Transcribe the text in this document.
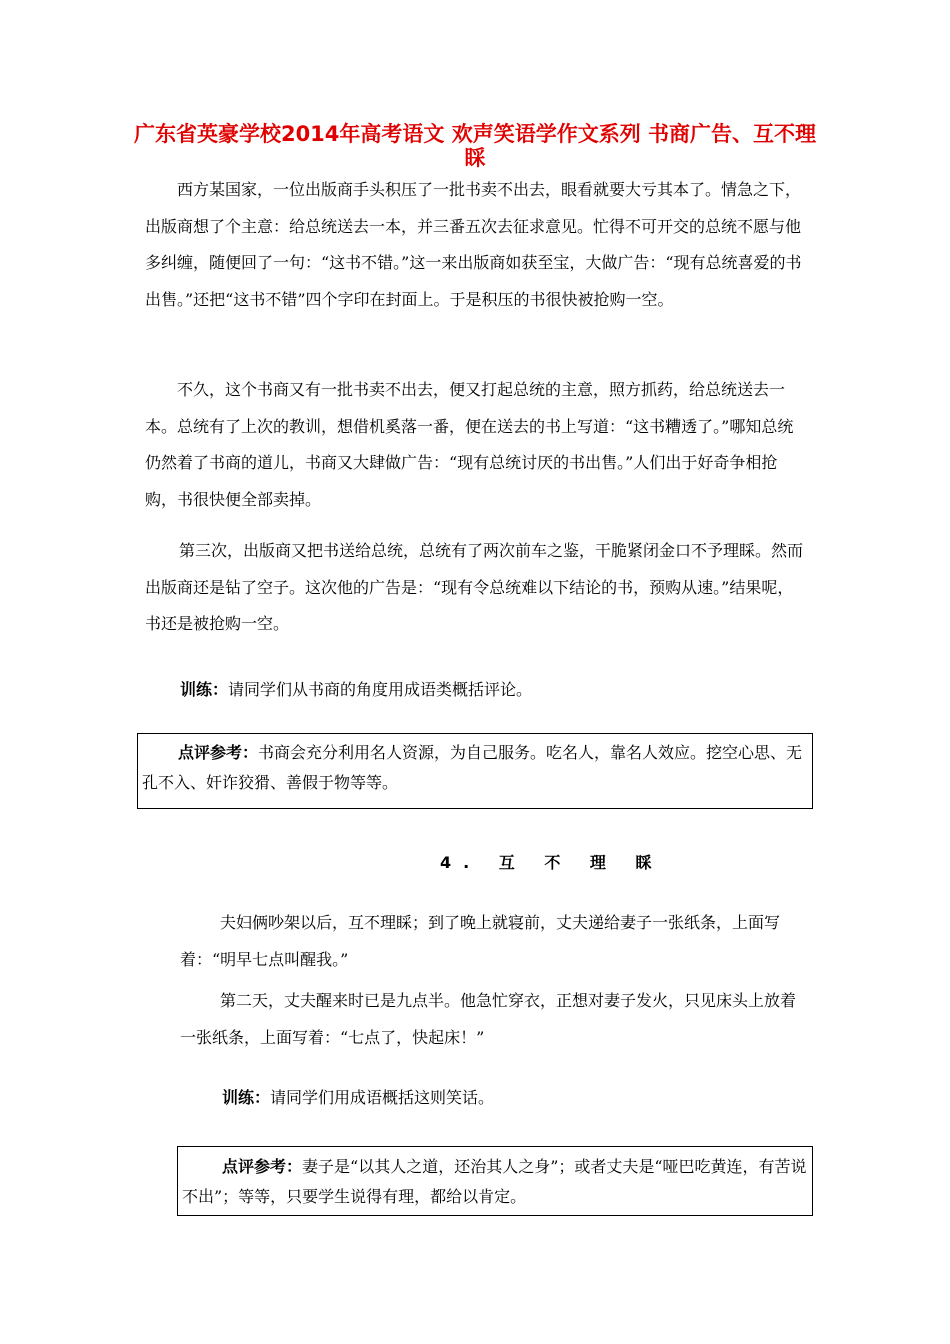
广东省英豪学校2014年高考语文 欢声笑语学作文系列 书商广告、互不理睬

西方某国家，一位出版商手头积压了一批书卖不出去，眼看就要大亏其本了。情急之下，出版商想了个主意：给总统送去一本，并三番五次去征求意见。忙得不可开交的总统不愿与他多纠缠，随便回了一句：“这书不错。”这一来出版商如获至宝，大做广告：“现有总统喜爱的书出售。”还把“这书不错”四个字印在封面上。于是积压的书很快被抢购一空。

不久，这个书商又有一批书卖不出去，便又打起总统的主意，照方抓药，给总统送去一本。总统有了上次的教训，想借机奚落一番，便在送去的书上写道：“这书糟透了。”哪知总统仍然着了书商的道儿，书商又大肆做广告：“现有总统讨厌的书出售。”人们出于好奇争相抢购，书很快便全部卖掉。

第三次，出版商又把书送给总统，总统有了两次前车之鉴，干脆紧闭金口不予理睬。然而出版商还是钻了空子。这次他的广告是：“现有令总统难以下结论的书，预购从速。”结果呢，书还是被抢购一空。

训练：请同学们从书商的角度用成语类概括评论。

点评参考：书商会充分利用名人资源，为自己服务。吃名人，靠名人效应。挖空心思、无孔不入、奸诈狡猾、善假于物等等。

4. 互 不 理 睬

夫妇俩吵架以后，互不理睬；到了晚上就寝前，丈夫递给妻子一张纸条，上面写着：“明早七点叫醒我。”

第二天，丈夫醒来时已是九点半。他急忙穿衣，正想对妻子发火，只见床头上放着一张纸条，上面写着：“七点了，快起床！”

训练：请同学们用成语概括这则笑话。

点评参考：妻子是“以其人之道，还治其人之身”；或者丈夫是“哑巴吃黄连，有苦说不出”；等等，只要学生说得有理，都给以肯定。
